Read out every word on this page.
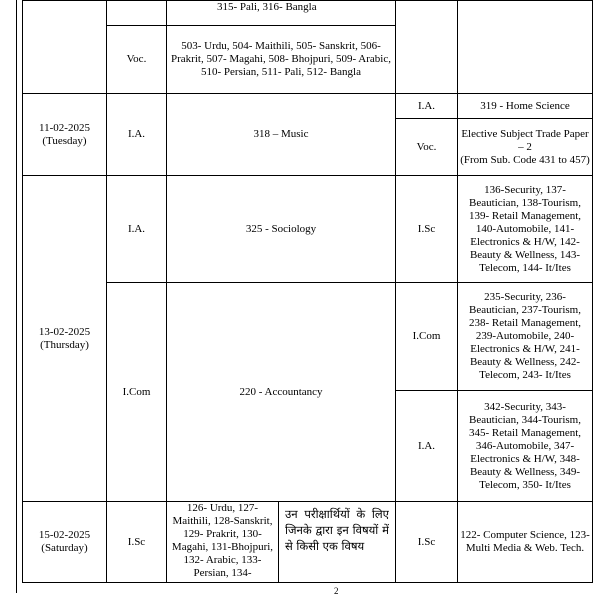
		315- Pali, 316- Bangla			
	Voc.	503- Urdu, 504- Maithili, 505- Sanskrit, 506- Prakrit, 507- Magahi, 508- Bhojpuri, 509- Arabic, 510- Persian, 511- Pali, 512- Bangla			

11-02-2025
(Tuesday)	I.A.	318 – Music		I.A.	319 - Home Science
				Voc.	Elective Subject Trade Paper – 2
(From Sub. Code 431 to 457)

13-02-2025
(Thursday)	I.A.	325 - Sociology		I.Sc	136-Security, 137-Beautician, 138-Tourism, 139- Retail Management, 140-Automobile, 141-Electronics & H/W, 142-Beauty & Wellness, 143-Telecom, 144- It/Ites
	I.Com	220 - Accountancy		I.Com	235-Security, 236-Beautician, 237-Tourism, 238- Retail Management, 239-Automobile, 240-Electronics & H/W, 241-Beauty & Wellness, 242-Telecom, 243- It/Ites
				I.A.	342-Security, 343-Beautician, 344-Tourism, 345- Retail Management, 346-Automobile, 347-Electronics & H/W, 348-Beauty & Wellness, 349-Telecom, 350- It/Ites

15-02-2025
(Saturday)	I.Sc	126- Urdu, 127-Maithili, 128-Sanskrit, 129- Prakrit, 130- Magahi, 131-Bhojpuri, 132- Arabic, 133- Persian, 134-	उन परीक्षार्थियों के लिए जिनके द्वारा इन विषयों में से किसी एक विषय	I.Sc	122- Computer Science, 123- Multi Media & Web. Tech.
2
